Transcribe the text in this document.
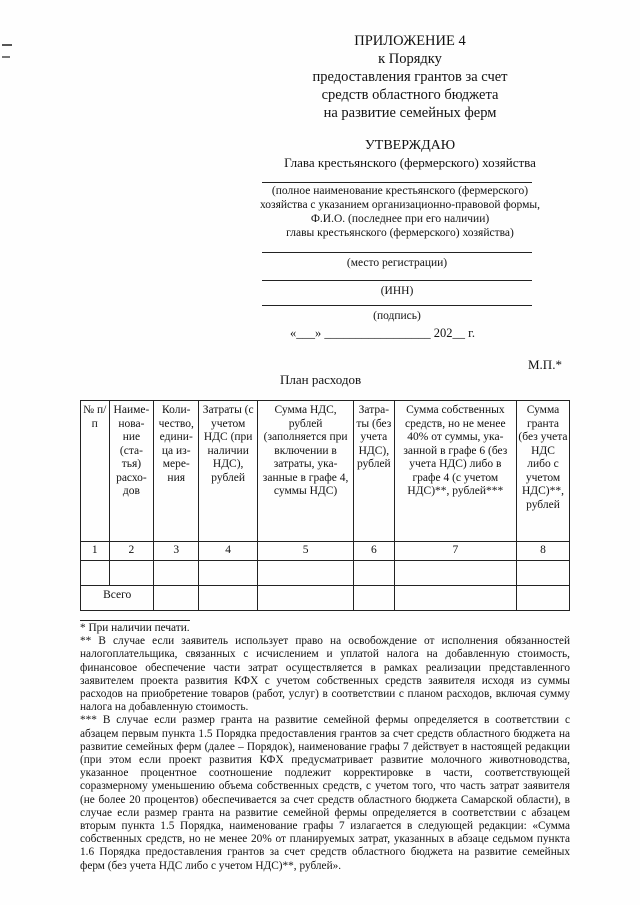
ПРИЛОЖЕНИЕ 4
к Порядку
предоставления грантов за счет
средств областного бюджета
на развитие семейных ферм
УТВЕРЖДАЮ
Глава крестьянского (фермерского) хозяйства
(полное наименование крестьянского (фермерского)
хозяйства с указанием организационно-правовой формы,
Ф.И.О. (последнее при его наличии)
главы крестьянского (фермерского) хозяйства)
(место регистрации)
(ИНН)
(подпись)
«___» _________________ 202__ г.
М.П.*
План расходов
№ п/п	Наиме-нова-ние (ста-тья) расхо-дов	Коли-чество, едини-ца из-мере-ния	Затраты (с учетом НДС (при наличии НДС), рублей	Сумма НДС, рублей (заполняется при включении в затраты, ука-занные в графе 4, суммы НДС)	Затра-ты (без учета НДС), рублей	Сумма собственных средств, но не менее 40% от суммы, ука-занной в графе 6 (без учета НДС) либо в графе 4 (с учетом НДС)**, рублей***	Сумма гранта (без учета НДС либо с учетом НДС)**, рублей
1	2	3	4	5	6	7	8

Всего							

* При наличии печати.

** В случае если заявитель использует право на освобождение от исполнения обязанностей налогоплательщика, связанных с исчислением и уплатой налога на добавленную стоимость, финансовое обеспечение части затрат осуществляется в рамках реализации представленного заявителем проекта развития КФХ с учетом собственных средств заявителя исходя из суммы расходов на приобретение товаров (работ, услуг) в соответствии с планом расходов, включая сумму налога на добавленную стоимость.

*** В случае если размер гранта на развитие семейной фермы определяется в соответствии с абзацем первым пункта 1.5 Порядка предоставления грантов за счет средств областного бюджета на развитие семейных ферм (далее – Порядок), наименование графы 7 действует в настоящей редакции (при этом если проект развития КФХ предусматривает развитие молочного животноводства, указанное процентное соотношение подлежит корректировке в части, соответствующей соразмерному уменьшению объема собственных средств, с учетом того, что часть затрат заявителя (не более 20 процентов) обеспечивается за счет средств областного бюджета Самарской области), в случае если размер гранта на развитие семейной фермы определяется в соответствии с абзацем вторым пункта 1.5 Порядка, наименование графы 7 излагается в следующей редакции: «Сумма собственных средств, но не менее 20% от планируемых затрат, указанных в абзаце седьмом пункта 1.6 Порядка предоставления грантов за счет средств областного бюджета на развитие семейных ферм (без учета НДС либо с учетом НДС)**, рублей».
